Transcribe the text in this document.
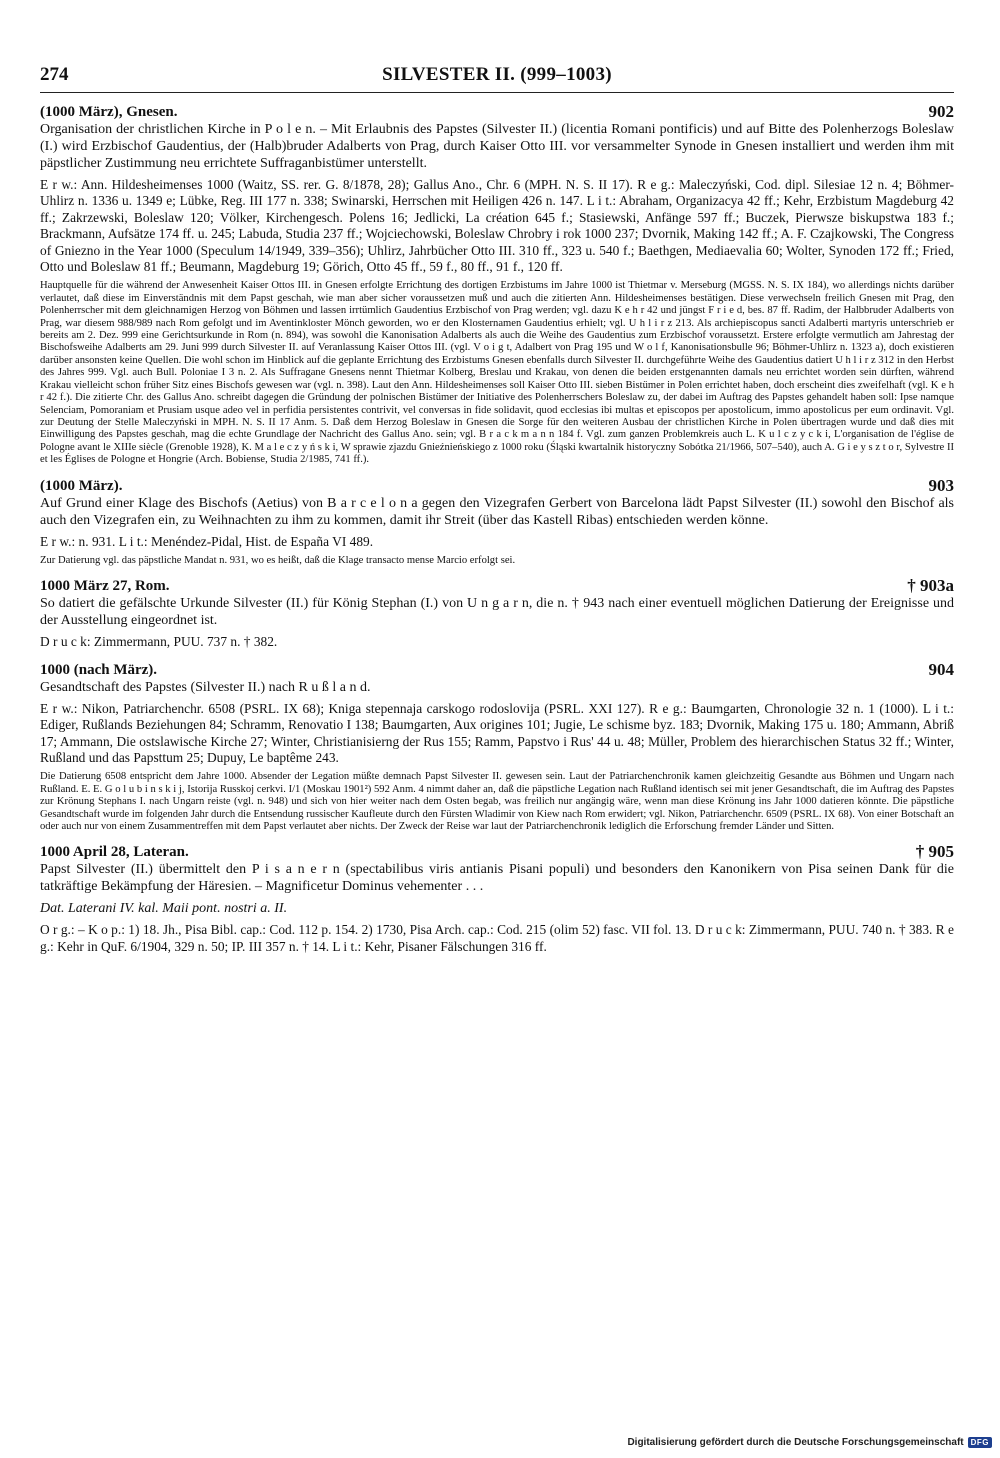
274	SILVESTER II. (999–1003)
(1000 März), Gnesen.	902

Organisation der christlichen Kirche in P o l e n. – Mit Erlaubnis des Papstes (Silvester II.) (licentia Romani pontificis) und auf Bitte des Polenherzogs Boleslaw (I.) wird Erzbischof Gaudentius, der (Halb)bruder Adalberts von Prag, durch Kaiser Otto III. vor versammelter Synode in Gnesen installiert und werden ihm mit päpstlicher Zustimmung neu errichtete Suffraganbistümer unterstellt.

E r w.: Ann. Hildesheimenses 1000 (Waitz, SS. rer. G. 8/1878, 28); Gallus Ano., Chr. 6 (MPH. N. S. II 17). R e g.: Maleczyński, Cod. dipl. Silesiae 12 n. 4; Böhmer-Uhlirz n. 1336 u. 1349 e; Lübke, Reg. III 177 n. 338; Swinarski, Herrschen mit Heiligen 426 n. 147. L i t.: Abraham, Organizacya 42 ff.; Kehr, Erzbistum Magdeburg 42 ff.; Zakrzewski, Boleslaw 120; Völker, Kirchengesch. Polens 16; Jedlicki, La création 645 f.; Stasiewski, Anfänge 597 ff.; Buczek, Pierwsze biskupstwa 183 f.; Brackmann, Aufsätze 174 ff. u. 245; Labuda, Studia 237 ff.; Wojciechowski, Boleslaw Chrobry i rok 1000 237; Dvornik, Making 142 ff.; A. F. Czajkowski, The Congress of Gniezno in the Year 1000 (Speculum 14/1949, 339–356); Uhlirz, Jahrbücher Otto III. 310 ff., 323 u. 540 f.; Baethgen, Mediaevalia 60; Wolter, Synoden 172 ff.; Fried, Otto und Boleslaw 81 ff.; Beumann, Magdeburg 19; Görich, Otto 45 ff., 59 f., 80 ff., 91 f., 120 ff.

Hauptquelle für die während der Anwesenheit Kaiser Ottos III. in Gnesen erfolgte Errichtung des dortigen Erzbistums im Jahre 1000 ist Thietmar v. Merseburg (MGSS. N. S. IX 184), wo allerdings nichts darüber verlautet, daß diese im Einverständnis mit dem Papst geschah, wie man aber sicher voraussetzen muß und auch die zitierten Ann. Hildesheimenses bestätigen. Diese verwechseln freilich Gnesen mit Prag, den Polenherrscher mit dem gleichnamigen Herzog von Böhmen und lassen irrtümlich Gaudentius Erzbischof von Prag werden; vgl. dazu K e h r 42 und jüngst F r i e d, bes. 87 ff. Radim, der Halbbruder Adalberts von Prag, war diesem 988/989 nach Rom gefolgt und im Aventinkloster Mönch geworden, wo er den Klosternamen Gaudentius erhielt; vgl. U h l i r z 213. Als archiepiscopus sancti Adalberti martyris unterschrieb er bereits am 2. Dez. 999 eine Gerichtsurkunde in Rom (n. 894), was sowohl die Kanonisation Adalberts als auch die Weihe des Gaudentius zum Erzbischof voraussetzt. Erstere erfolgte vermutlich am Jahrestag der Bischofsweihe Adalberts am 29. Juni 999 durch Silvester II. auf Veranlassung Kaiser Ottos III. (vgl. V o i g t, Adalbert von Prag 195 und W o l f, Kanonisationsbulle 96; Böhmer-Uhlirz n. 1323 a), doch existieren darüber ansonsten keine Quellen. Die wohl schon im Hinblick auf die geplante Errichtung des Erzbistums Gnesen ebenfalls durch Silvester II. durchgeführte Weihe des Gaudentius datiert U h l i r z 312 in den Herbst des Jahres 999. Vgl. auch Bull. Poloniae I 3 n. 2. Als Suffragane Gnesens nennt Thietmar Kolberg, Breslau und Krakau, von denen die beiden erstgenannten damals neu errichtet worden sein dürften, während Krakau vielleicht schon früher Sitz eines Bischofs gewesen war (vgl. n. 398). Laut den Ann. Hildesheimenses soll Kaiser Otto III. sieben Bistümer in Polen errichtet haben, doch erscheint dies zweifelhaft (vgl. K e h r 42 f.). Die zitierte Chr. des Gallus Ano. schreibt dagegen die Gründung der polnischen Bistümer der Initiative des Polenherrschers Boleslaw zu, der dabei im Auftrag des Papstes gehandelt haben soll: Ipse namque Selenciam, Pomoraniam et Prusiam usque adeo vel in perfidia persistentes contrivit, vel conversas in fide solidavit, quod ecclesias ibi multas et episcopos per apostolicum, immo apostolicus per eum ordinavit. Vgl. zur Deutung der Stelle Maleczyński in MPH. N. S. II 17 Anm. 5. Daß dem Herzog Boleslaw in Gnesen die Sorge für den weiteren Ausbau der christlichen Kirche in Polen übertragen wurde und daß dies mit Einwilligung des Papstes geschah, mag die echte Grundlage der Nachricht des Gallus Ano. sein; vgl. B r a c k m a n n 184 f. Vgl. zum ganzen Problemkreis auch L. K u l c z y c k i, L'organisation de l'église de Pologne avant le XIIIe siècle (Grenoble 1928), K. M a l e c z y ń s k i, W sprawie zjazdu Gnieźnieńskiego z 1000 roku (Śląski kwartalnik historyczny Sobótka 21/1966, 507–540), auch A. G i e y s z t o r, Sylvestre II et les Églises de Pologne et Hongrie (Arch. Bobiense, Studia 2/1985, 741 ff.).

(1000 März).	903

Auf Grund einer Klage des Bischofs (Aetius) von B a r c e l o n a gegen den Vizegrafen Gerbert von Barcelona lädt Papst Silvester (II.) sowohl den Bischof als auch den Vizegrafen ein, zu Weihnachten zu ihm zu kommen, damit ihr Streit (über das Kastell Ribas) entschieden werden könne.

E r w.: n. 931. L i t.: Menéndez-Pidal, Hist. de España VI 489.

Zur Datierung vgl. das päpstliche Mandat n. 931, wo es heißt, daß die Klage transacto mense Marcio erfolgt sei.

1000 März 27, Rom.	† 903a

So datiert die gefälschte Urkunde Silvester (II.) für König Stephan (I.) von U n g a r n, die n. † 943 nach einer eventuell möglichen Datierung der Ereignisse und der Ausstellung eingeordnet ist.

D r u c k: Zimmermann, PUU. 737 n. † 382.

1000 (nach März).	904

Gesandtschaft des Papstes (Silvester II.) nach R u ß l a n d.

E r w.: Nikon, Patriarchenchr. 6508 (PSRL. IX 68); Kniga stepennaja carskogo rodoslovija (PSRL. XXI 127). R e g.: Baumgarten, Chronologie 32 n. 1 (1000). L i t.: Ediger, Rußlands Beziehungen 84; Schramm, Renovatio I 138; Baumgarten, Aux origines 101; Jugie, Le schisme byz. 183; Dvornik, Making 175 u. 180; Ammann, Abriß 17; Ammann, Die ostslawische Kirche 27; Winter, Christianisierng der Rus 155; Ramm, Papstvo i Rus' 44 u. 48; Müller, Problem des hierarchischen Status 32 ff.; Winter, Rußland und das Papsttum 25; Dupuy, Le baptême 243.

Die Datierung 6508 entspricht dem Jahre 1000. Absender der Legation müßte demnach Papst Silvester II. gewesen sein. Laut der Patriarchenchronik kamen gleichzeitig Gesandte aus Böhmen und Ungarn nach Rußland. E. E. G o l u b i n s k i j, Istorija Russkoj cerkvi. I/1 (Moskau 1901²) 592 Anm. 4 nimmt daher an, daß die päpstliche Legation nach Rußland identisch sei mit jener Gesandtschaft, die im Auftrag des Papstes zur Krönung Stephans I. nach Ungarn reiste (vgl. n. 948) und sich von hier weiter nach dem Osten begab, was freilich nur angängig wäre, wenn man diese Krönung ins Jahr 1000 datieren könnte. Die päpstliche Gesandtschaft wurde im folgenden Jahr durch die Entsendung russischer Kaufleute durch den Fürsten Wladimir von Kiew nach Rom erwidert; vgl. Nikon, Patriarchenchr. 6509 (PSRL. IX 68). Von einer Botschaft an oder auch nur von einem Zusammentreffen mit dem Papst verlautet aber nichts. Der Zweck der Reise war laut der Patriarchenchronik lediglich die Erforschung fremder Länder und Sitten.

1000 April 28, Lateran.	† 905

Papst Silvester (II.) übermittelt den P i s a n e r n (spectabilibus viris antianis Pisani populi) und besonders den Kanonikern von Pisa seinen Dank für die tatkräftige Bekämpfung der Häresien. – Magnificetur Dominus vehementer . . .

Dat. Laterani IV. kal. Maii pont. nostri a. II.

O r g.: – K o p.: 1) 18. Jh., Pisa Bibl. cap.: Cod. 112 p. 154. 2) 1730, Pisa Arch. cap.: Cod. 215 (olim 52) fasc. VII fol. 13. D r u c k: Zimmermann, PUU. 740 n. † 383. R e g.: Kehr in QuF. 6/1904, 329 n. 50; IP. III 357 n. † 14. L i t.: Kehr, Pisaner Fälschungen 316 ff.

Digitalisierung gefördert durch die Deutsche Forschungsgemeinschaft DFG
